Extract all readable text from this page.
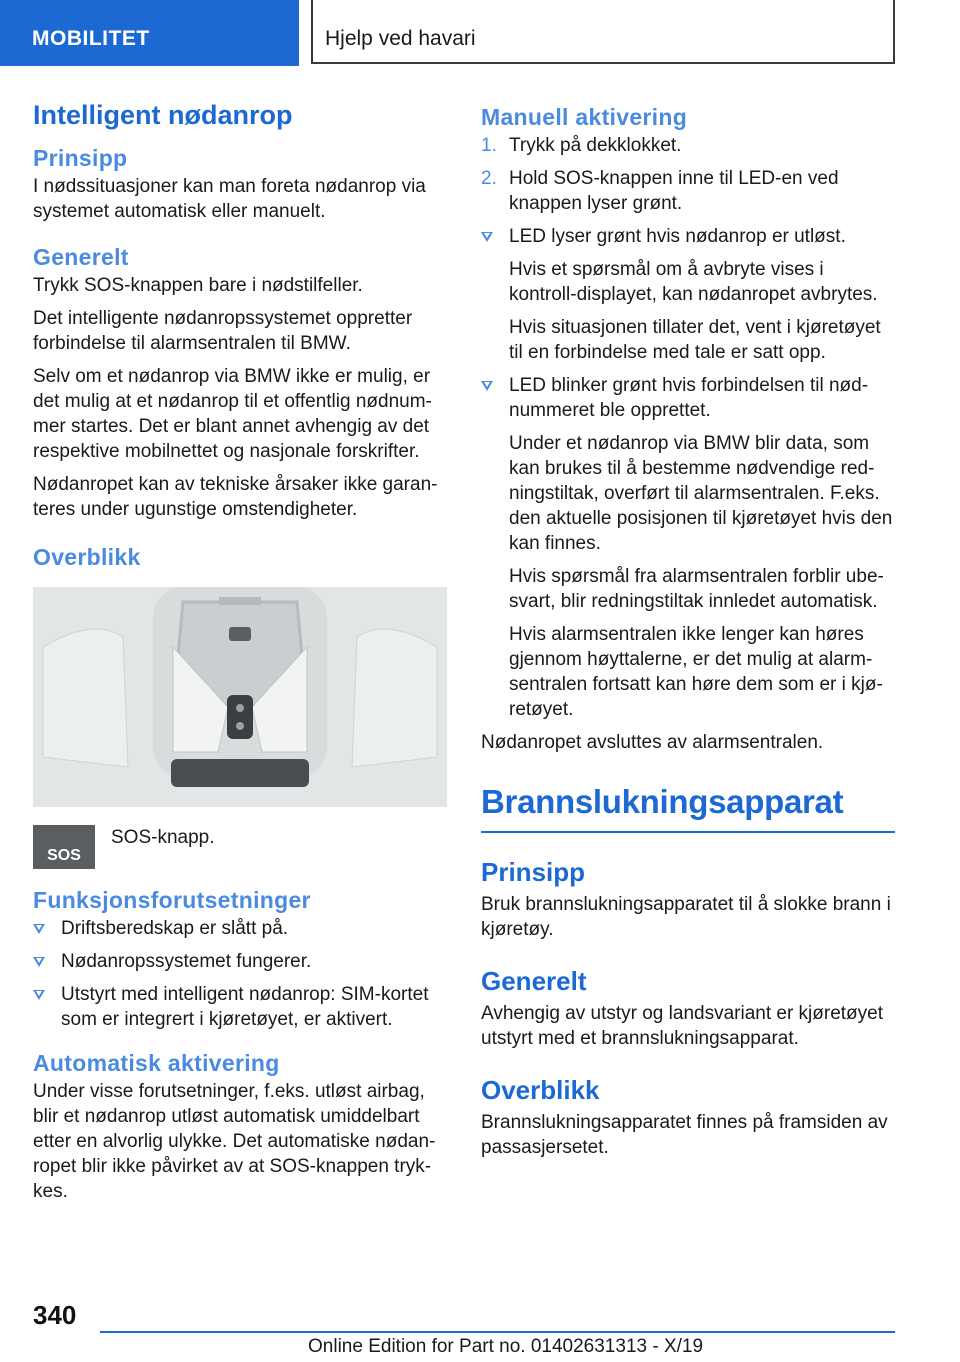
MOBILITET	Hjelp ved havari
Intelligent nødanrop
Prinsipp

I nødssituasjoner kan man foreta nødanrop via systemet automatisk eller manuelt.

Generelt

Trykk SOS-knappen bare i nødstilfeller.

Det intelligente nødanropssystemet oppretter forbindelse til alarmsentralen til BMW.

Selv om et nødanrop via BMW ikke er mulig, er det mulig at et nødanrop til et offentlig nødnum-mer startes. Det er blant annet avhengig av det respektive mobilnettet og nasjonale forskrifter.

Nødanropet kan av tekniske årsaker ikke garan-teres under ugunstige omstendigheter.

Overblikk
SOS
SOS-knapp.
Funksjonsforutsetninger
Driftsberedskap er slått på.
Nødanropssystemet fungerer.
Utstyrt med intelligent nødanrop: SIM-kortet som er integrert i kjøretøyet, er aktivert.
Automatisk aktivering

Under visse forutsetninger, f.eks. utløst airbag, blir et nødanrop utløst automatisk umiddelbart etter en alvorlig ulykke. Det automatiske nødan-ropet blir ikke påvirket av at SOS-knappen tryk-kes.

Manuell aktivering
1. Trykk på dekklokket.
2. Hold SOS-knappen inne til LED-en ved knappen lyser grønt.
LED lyser grønt hvis nødanrop er utløst.

Hvis et spørsmål om å avbryte vises i kontroll-displayet, kan nødanropet avbrytes.

Hvis situasjonen tillater det, vent i kjøretøyet til en forbindelse med tale er satt opp.

LED blinker grønt hvis forbindelsen til nød-nummeret ble opprettet.

Under et nødanrop via BMW blir data, som kan brukes til å bestemme nødvendige red-ningstiltak, overført til alarmsentralen. F.eks. den aktuelle posisjonen til kjøretøyet hvis den kan finnes.

Hvis spørsmål fra alarmsentralen forblir ube-svart, blir redningstiltak innledet automatisk.

Hvis alarmsentralen ikke lenger kan høres gjennom høyttalerne, er det mulig at alarm-sentralen fortsatt kan høre dem som er i kjø-retøyet.

Nødanropet avsluttes av alarmsentralen.

Brannslukningsapparat
Prinsipp

Bruk brannslukningsapparatet til å slokke brann i kjøretøy.

Generelt

Avhengig av utstyr og landsvariant er kjøretøyet utstyrt med et brannslukningsapparat.

Overblikk

Brannslukningsapparatet finnes på framsiden av passasjersetet.

340
Online Edition for Part no. 01402631313 - X/19
